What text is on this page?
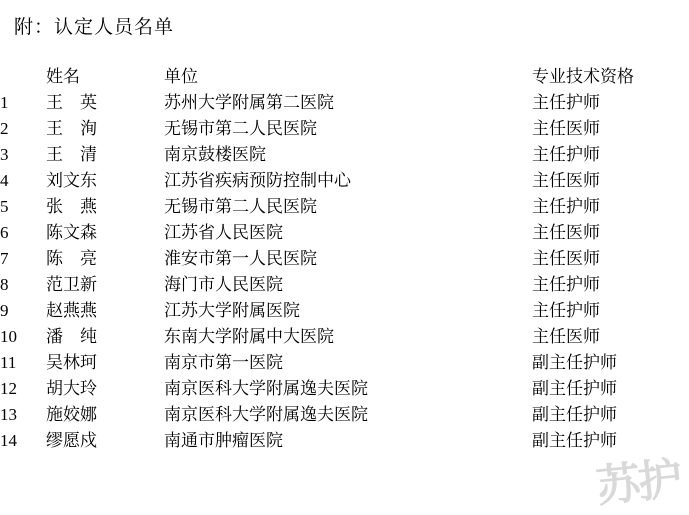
附：认定人员名单
	姓名	单位	专业技术资格
1	王　英	苏州大学附属第二医院	主任护师
2	王　洵	无锡市第二人民医院	主任医师
3	王　清	南京鼓楼医院	主任护师
4	刘文东	江苏省疾病预防控制中心	主任医师
5	张　燕	无锡市第二人民医院	主任护师
6	陈文森	江苏省人民医院	主任医师
7	陈　亮	淮安市第一人民医院	主任医师
8	范卫新	海门市人民医院	主任护师
9	赵燕燕	江苏大学附属医院	主任护师
10	潘　纯	东南大学附属中大医院	主任医师
11	吴林珂	南京市第一医院	副主任护师
12	胡大玲	南京医科大学附属逸夫医院	副主任护师
13	施姣娜	南京医科大学附属逸夫医院	副主任护师
14	缪愿戍	南通市肿瘤医院	副主任护师
苏护
